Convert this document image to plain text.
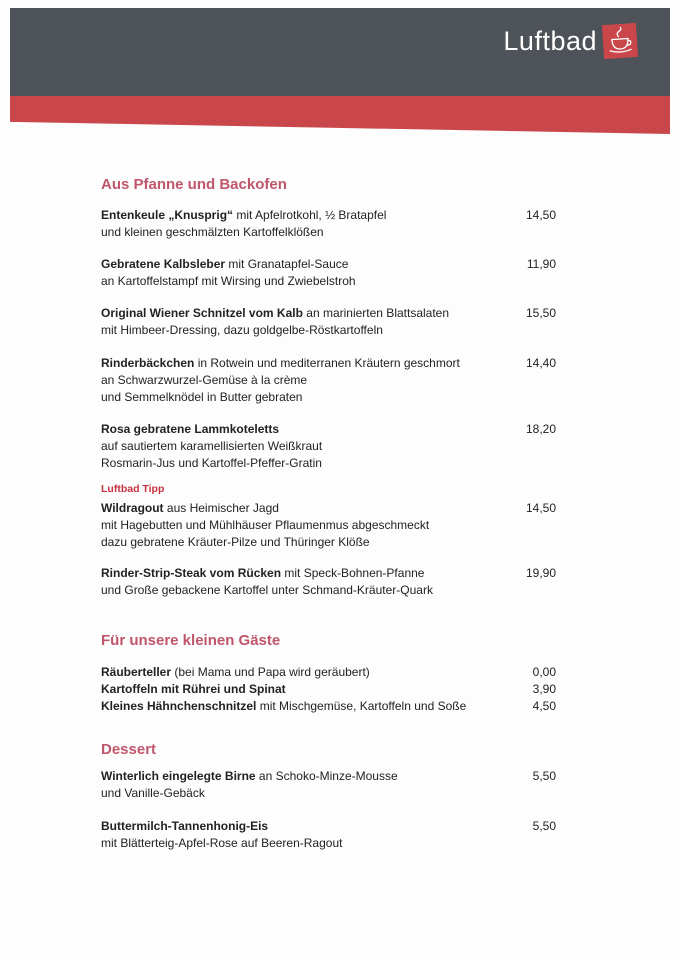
Luftbad
Aus Pfanne und Backofen
Entenkeule „Knusprig“ mit Apfelrotkohl, ½ Bratapfel
und kleinen geschmälzten Kartoffelklößen
14,50
Gebratene Kalbsleber mit Granatapfel-Sauce
an Kartoffelstampf mit Wirsing und Zwiebelstroh
11,90
Original Wiener Schnitzel vom Kalb an marinierten Blattsalaten
mit Himbeer-Dressing, dazu goldgelbe-Röstkartoffeln
15,50
Rinderbäckchen in Rotwein und mediterranen Kräutern geschmort
an Schwarzwurzel-Gemüse à la crème
und Semmelknödel in Butter gebraten
14,40
Rosa gebratene Lammkoteletts
auf sautiertem karamellisierten Weißkraut
Rosmarin-Jus und Kartoffel-Pfeffer-Gratin
18,20
Luftbad Tipp
Wildragout aus Heimischer Jagd
mit Hagebutten und Mühlhäuser Pflaumenmus abgeschmeckt
dazu gebratene Kräuter-Pilze und Thüringer Klöße
14,50
Rinder-Strip-Steak vom Rücken mit Speck-Bohnen-Pfanne
und Große gebackene Kartoffel unter Schmand-Kräuter-Quark
19,90
Für unsere kleinen Gäste
Räuberteller (bei Mama und Papa wird geräubert)	0,00
Kartoffeln mit Rührei und Spinat	3,90
Kleines Hähnchenschnitzel mit Mischgemüse, Kartoffeln und Soße	4,50
Dessert
Winterlich eingelegte Birne an Schoko-Minze-Mousse
und Vanille-Gebäck
5,50
Buttermilch-Tannenhonig-Eis
mit Blätterteig-Apfel-Rose auf Beeren-Ragout
5,50
